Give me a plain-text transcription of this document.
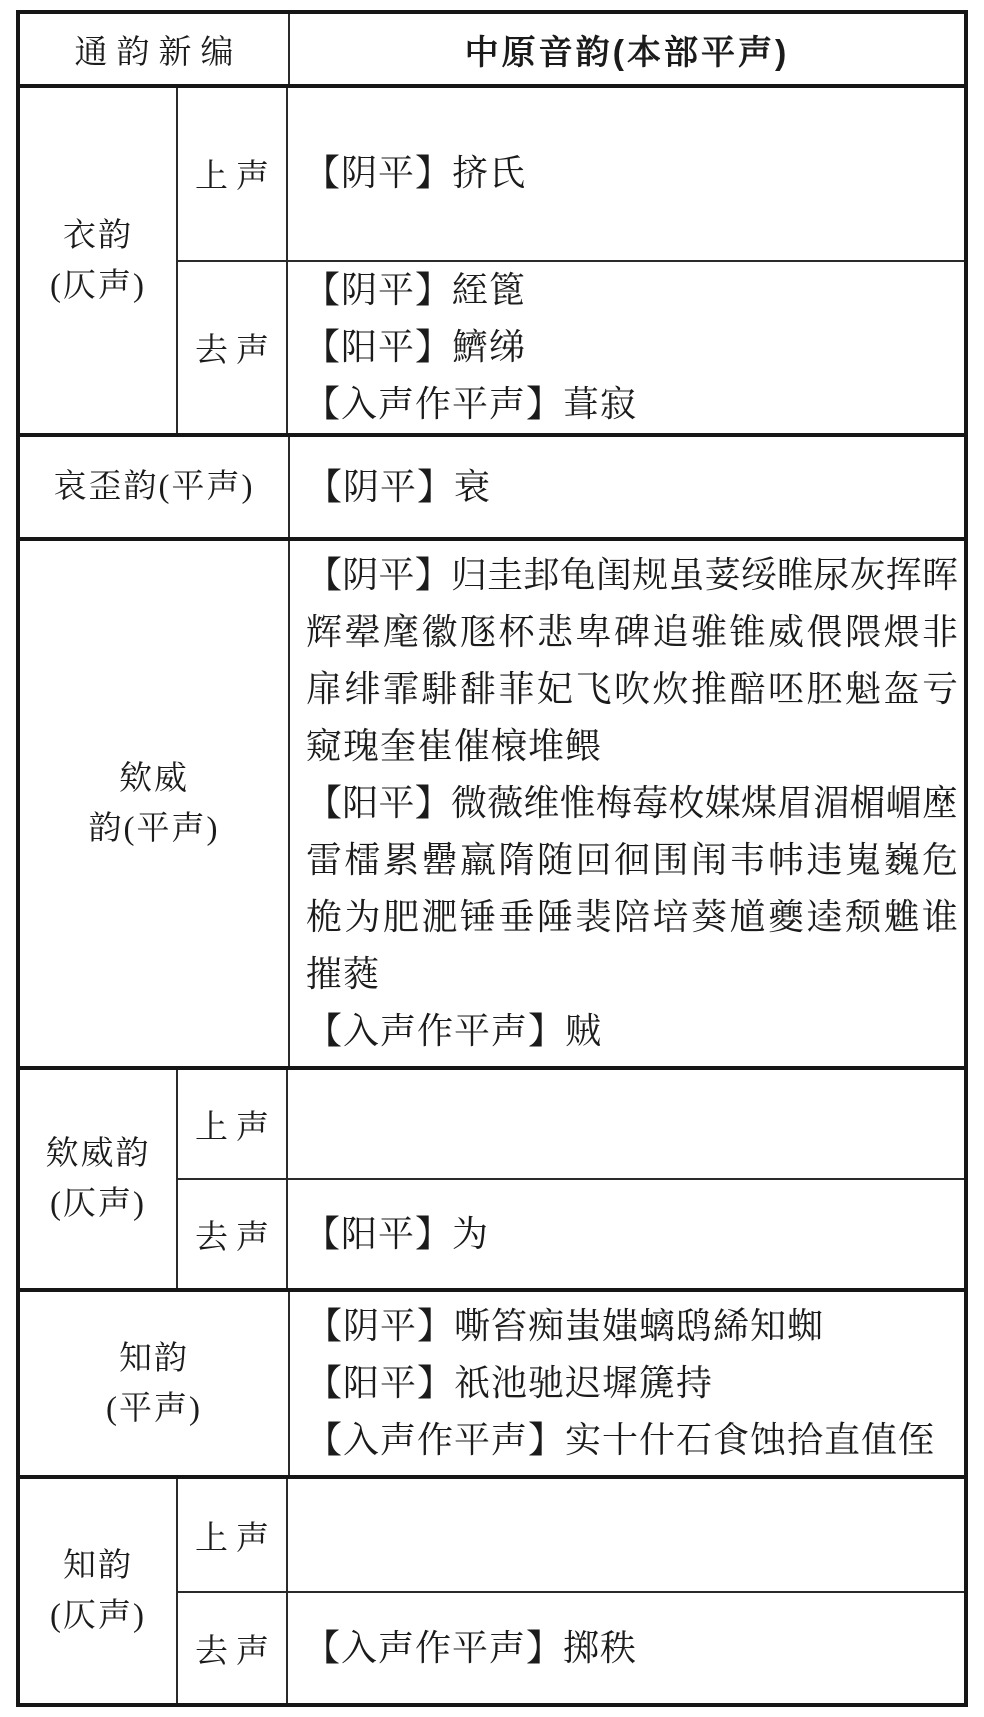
通韵新编	中原音韵(本部平声)
衣韵
(仄声)
上声 【阴平】挤氏
去声
【阴平】絰篦
【阳平】鱭绨
【入声作平声】葺寂
哀歪韵(平声) 【阴平】衰
欸威
韵(平声)
【阴平】归圭邽龟闺规虽荽绥睢尿灰挥晖
辉翚麾徽豗杯悲卑碑追骓锥威偎隈煨非
扉绯霏騑馡菲妃飞吹炊推醅呸胚魁盔亏
窥瑰奎崔催榱堆鳂
【阳平】微薇维惟梅莓枚媒煤眉湄楣嵋塺
雷檑累罍羸隋随回徊围闱韦帏违嵬巍危
桅为肥淝锤垂陲裴陪培葵馗夔逵颓魋谁
摧蕤
【入声作平声】贼
欸威韵
(仄声)
上声
去声 【阳平】为
知韵
(平声)
【阴平】嘶笞痴蚩媸螭鸱絺知蜘
【阳平】祇池驰迟墀篪持
【入声作平声】实十什石食蚀拾直值侄
知韵
(仄声)
上声
去声 【入声作平声】掷秩
